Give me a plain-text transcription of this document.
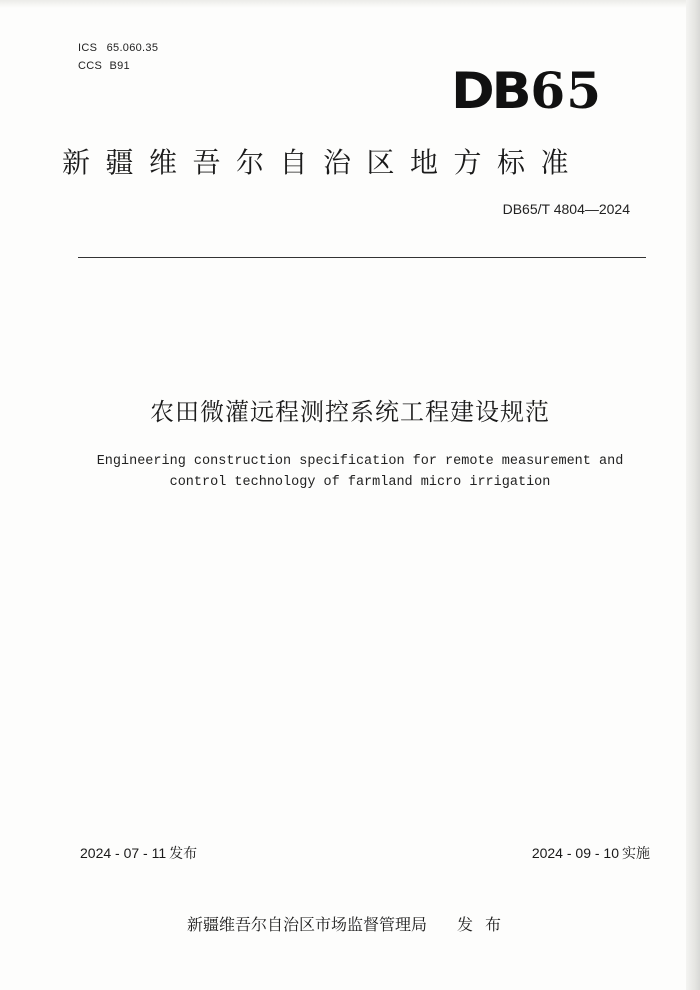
ICS 65.060.35
CCS B91	DB65
新疆维吾尔自治区地方标准
DB65/T 4804—2024
农田微灌远程测控系统工程建设规范
Engineering construction specification for remote measurement and
control technology of farmland micro irrigation
2024 - 07 - 11 发布	2024 - 09 - 10 实施
新疆维吾尔自治区市场监督管理局 发布
